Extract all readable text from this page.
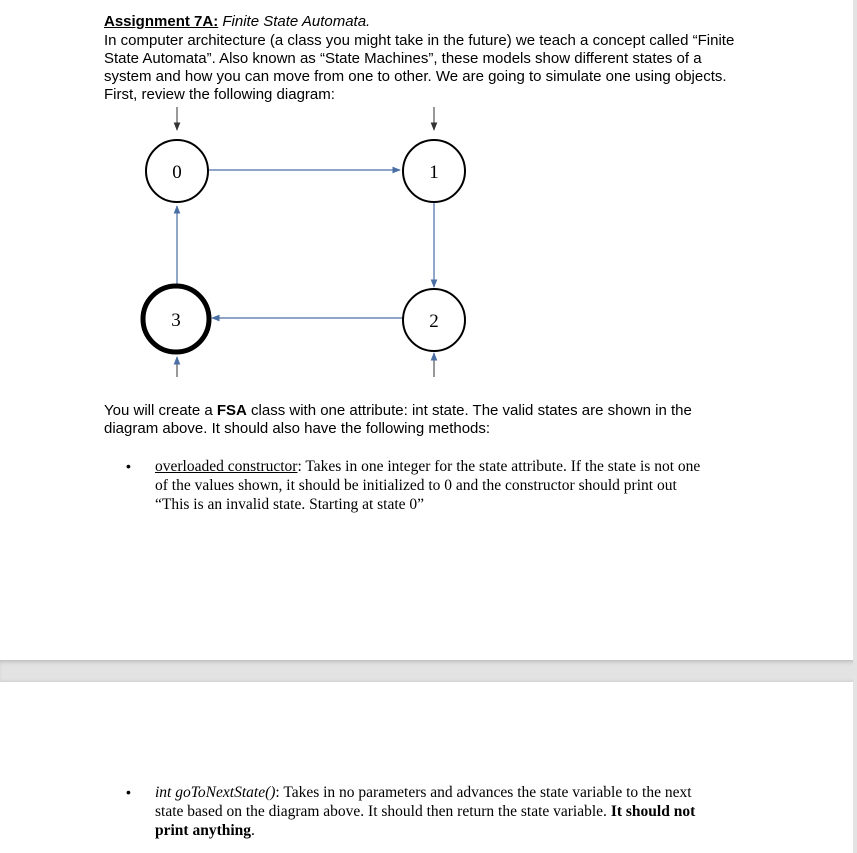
Assignment 7A: Finite State Automata.
In computer architecture (a class you might take in the future) we teach a concept called “Finite
State Automata”. Also known as “State Machines”, these models show different states of a
system and how you can move from one to other. We are going to simulate one using objects.
First, review the following diagram:
0	1
2
3
You will create a FSA class with one attribute: int state. The valid states are shown in the
diagram above. It should also have the following methods:
• overloaded constructor: Takes in one integer for the state attribute. If the state is not one
of the values shown, it should be initialized to 0 and the constructor should print out
“This is an invalid state. Starting at state 0”
• int goToNextState(): Takes in no parameters and advances the state variable to the next
state based on the diagram above. It should then return the state variable. It should not
print anything.
